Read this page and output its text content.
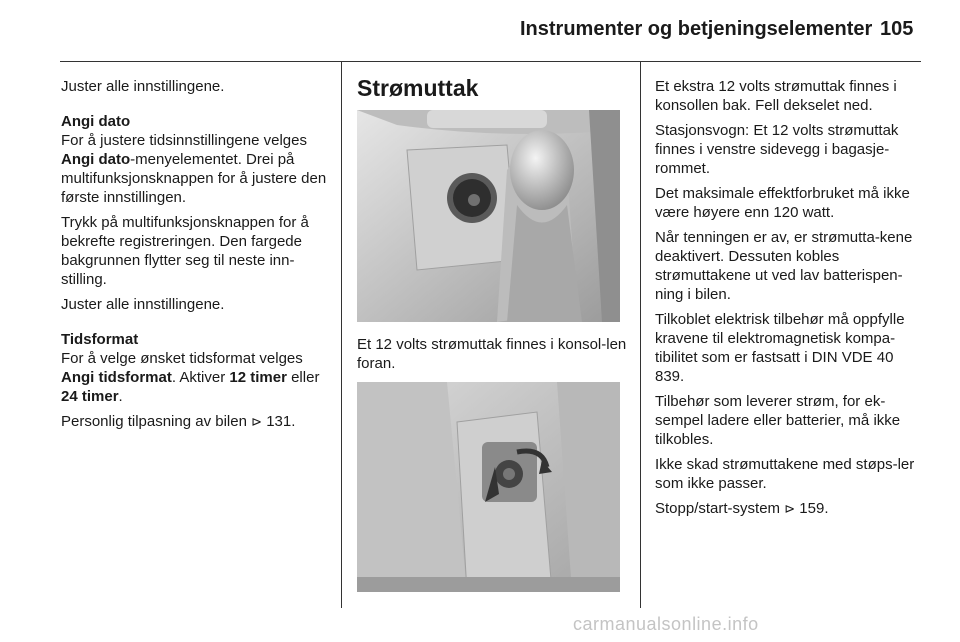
Instrumenter og betjeningselementer 105

Juster alle innstillingene.

Angi dato

For å justere tidsinnstillingene velges Angi dato-menyelementet. Drei på multifunksjonsknappen for å justere den første innstillingen.

Trykk på multifunksjonsknappen for å bekrefte registreringen. Den fargede bakgrunnen flytter seg til neste inn-stilling.

Juster alle innstillingene.

Tidsformat

For å velge ønsket tidsformat velges Angi tidsformat. Aktiver 12 timer eller 24 timer.

Personlig tilpasning av bilen ⊳ 131.

Strømuttak

Et 12 volts strømuttak finnes i konsol-len foran.

Et ekstra 12 volts strømuttak finnes i konsollen bak. Fell dekselet ned.

Stasjonsvogn: Et 12 volts strømuttak finnes i venstre sidevegg i bagasje-rommet.

Det maksimale effektforbruket må ikke være høyere enn 120 watt.

Når tenningen er av, er strømutta-kene deaktivert. Dessuten kobles strømuttakene ut ved lav batterispen-ning i bilen.

Tilkoblet elektrisk tilbehør må oppfylle kravene til elektromagnetisk kompa-tibilitet som er fastsatt i DIN VDE 40 839.

Tilbehør som leverer strøm, for ek-sempel ladere eller batterier, må ikke tilkobles.

Ikke skad strømuttakene med støps-ler som ikke passer.

Stopp/start-system ⊳ 159.

carmanualsonline.info
